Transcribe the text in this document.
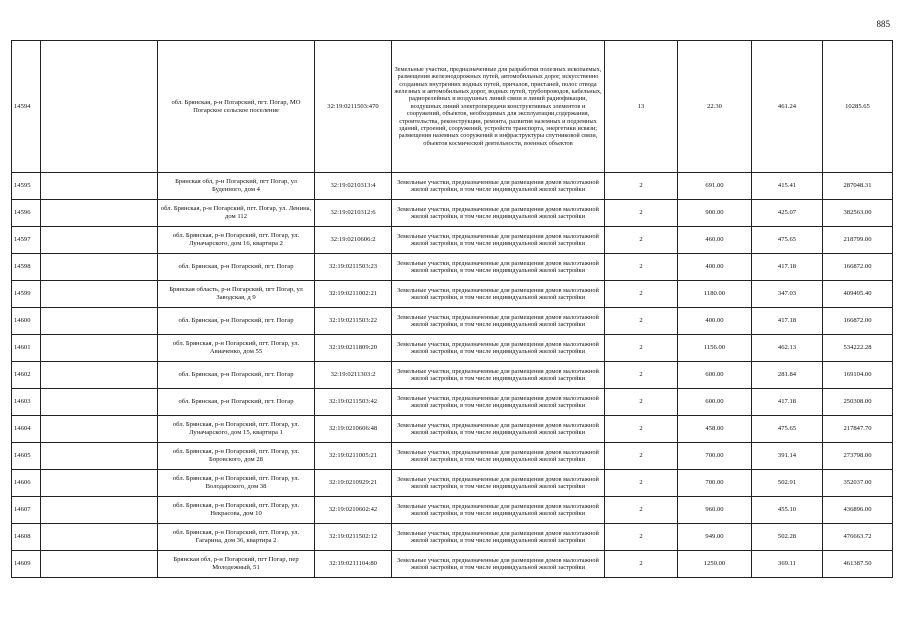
885
14594		обл. Брянская, р-н Погарский, пгт. Погар, МО Погарское сельское поселение	32:19:0211503:470	Земельные участки, предназначенные для разработки полезных ископаемых, размещения железнодорожных путей, автомобильных дорог, искусственно созданных внутренних водных путей, причалов, пристаней, полос отвода железных и автомобильных дорог, водных путей, трубопроводов, кабельных, радиорелейных и воздушных линий связи и линий радиофикации, воздушных линий электропередачи конструктивных элементов и сооружений, объектов, необходимых для эксплуатации,содержания, строительства, реконструкции, ремонта, развития наземных и подземных зданий, строений, сооружений, устройств транспорта, энергетики исвязи; размещения наземных сооружений и инфраструктуры спутниковой связи, объектов космической деятельности, военных объектов	13	22.30	461.24	10285.65
14595		Брянская обл, р-н Погарский, пгт Погар, ул Буденного, дом 4	32:19:0210313:4	Земельные участки, предназначенные для размещения домов малоэтажной жилой застройки, в том числе индивидуальной жилой застройки	2	691.00	415.41	287048.31
14596		обл. Брянская, р-н Погарский, пгт. Погар, ул. Ленина, дом 112	32:19:0210312:6	Земельные участки, предназначенные для размещения домов малоэтажной жилой застройки, в том числе индивидуальной жилой застройки	2	900.00	425.07	382563.00
14597		обл. Брянская, р-н Погарский, пгт. Погар, ул. Луначарского, дом 16, квартира 2	32:19:0210606:2	Земельные участки, предназначенные для размещения домов малоэтажной жилой застройки, в том числе индивидуальной жилой застройки	2	460.00	475.65	218799.00
14598		обл. Брянская, р-н Погарский, пгт. Погар	32:19:0211503:23	Земельные участки, предназначенные для размещения домов малоэтажной жилой застройки, в том числе индивидуальной жилой застройки	2	400.00	417.18	166872.00
14599		Брянская область, р-н Погарский, пгт Погар, ул Заводская, д 9	32:19:0211002:21	Земельные участки, предназначенные для размещения домов малоэтажной жилой застройки, в том числе индивидуальной жилой застройки	2	1180.00	347.03	409495.40
14600		обл. Брянская, р-н Погарский, пгт. Погар	32:19:0211503:22	Земельные участки, предназначенные для размещения домов малоэтажной жилой застройки, в том числе индивидуальной жилой застройки	2	400.00	417.18	166872.00
14601		обл. Брянская, р-н Погарский, пгт. Погар, ул. Авиаченко, дом 55	32:19:0211809:20	Земельные участки, предназначенные для размещения домов малоэтажной жилой застройки, в том числе индивидуальной жилой застройки	2	1156.00	462.13	534222.28
14602		обл. Брянская, р-н Погарский, пгт. Погар	32:19:0211303:2	Земельные участки, предназначенные для размещения домов малоэтажной жилой застройки, в том числе индивидуальной жилой застройки	2	600.00	281.84	169104.00
14603		обл. Брянская, р-н Погарский, пгт. Погар	32:19:0211503:42	Земельные участки, предназначенные для размещения домов малоэтажной жилой застройки, в том числе индивидуальной жилой застройки	2	600.00	417.18	250308.00
14604		обл. Брянская, р-н Погарский, пгт. Погар, ул. Луначарского, дом 15, квартира 1	32:19:0210606:48	Земельные участки, предназначенные для размещения домов малоэтажной жилой застройки, в том числе индивидуальной жилой застройки	2	458.00	475.65	217847.70
14605		обл. Брянская, р-н Погарский, пгт. Погар, ул. Боровского, дом 28	32:19:0211005:21	Земельные участки, предназначенные для размещения домов малоэтажной жилой застройки, в том числе индивидуальной жилой застройки	2	700.00	391.14	273798.00
14606		обл. Брянская, р-н Погарский, пгт. Погар, ул. Володарского, дом 38	32:19:0210929:21	Земельные участки, предназначенные для размещения домов малоэтажной жилой застройки, в том числе индивидуальной жилой застройки	2	700.00	502.91	352037.00
14607		обл. Брянская, р-н Погарский, пгт. Погар, ул. Некрасова, дом 10	32:19:0210602:42	Земельные участки, предназначенные для размещения домов малоэтажной жилой застройки, в том числе индивидуальной жилой застройки	2	960.00	455.10	436896.00
14608		обл. Брянская, р-н Погарский, пгт. Погар, ул. Гагарина, дом 36, квартира 2	32:19:0211502:12	Земельные участки, предназначенные для размещения домов малоэтажной жилой застройки, в том числе индивидуальной жилой застройки	2	949.00	502.28	476663.72
14609		Брянская обл, р-н Погарский, пгт Погар, пер Молодежный, 51	32:19:0211104:80	Земельные участки, предназначенные для размещения домов малоэтажной жилой застройки, в том числе индивидуальной жилой застройки	2	1250.00	369.11	461387.50
